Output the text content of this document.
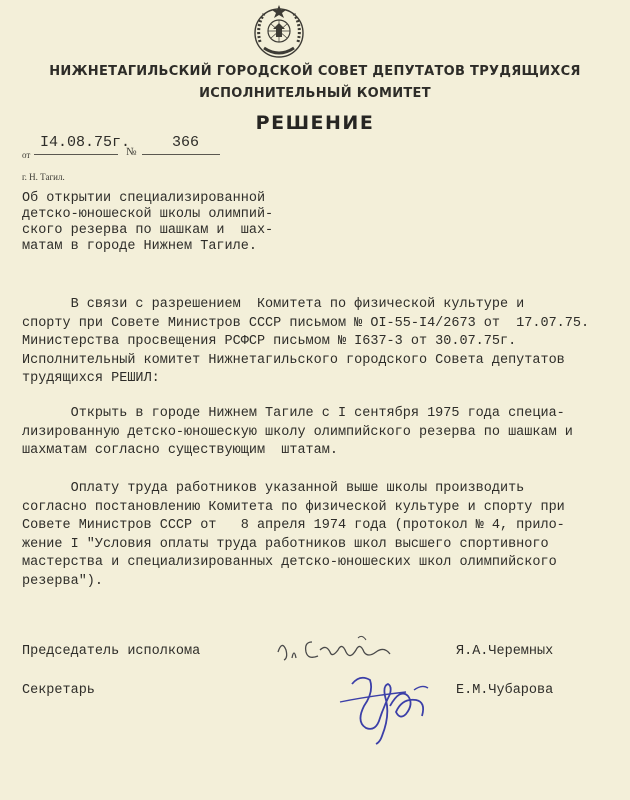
НИЖНЕТАГИЛЬСКИЙ ГОРОДСКОЙ СОВЕТ ДЕПУТАТОВ ТРУДЯЩИХСЯ
ИСПОЛНИТЕЛЬНЫЙ КОМИТЕТ
РЕШЕНИЕ
от
I4.08.75г.
№
366
г. Н. Тагил.
Об открытии специализированной
детско-юношеской школы олимпий-
ского резерва по шашкам и  шах-
матам в городе Нижнем Тагиле.
В связи с разрешением  Комитета по физической культуре и
спорту при Совете Министров СССР письмом № OI-55-I4/2673 от  17.07.75.
Министерства просвещения РСФСР письмом № I637-3 от 30.07.75г.
Исполнительный комитет Нижнетагильского городского Совета депутатов
трудящихся РЕШИЛ:
Открыть в городе Нижнем Тагиле с I сентября 1975 года специа-
лизированную детско-юношескую школу олимпийского резерва по шашкам и
шахматам согласно существующим  штатам.
Оплату труда работников указанной выше школы производить
согласно постановлению Комитета по физической культуре и спорту при
Совете Министров СССР от   8 апреля 1974 года (протокол № 4, прило-
жение I "Условия оплаты труда работников школ высшего спортивного
мастерства и специализированных детско-юношеских школ олимпийского
резерва").
Председатель исполкома	Я.А.Черемных
Секретарь	Е.М.Чубарова
